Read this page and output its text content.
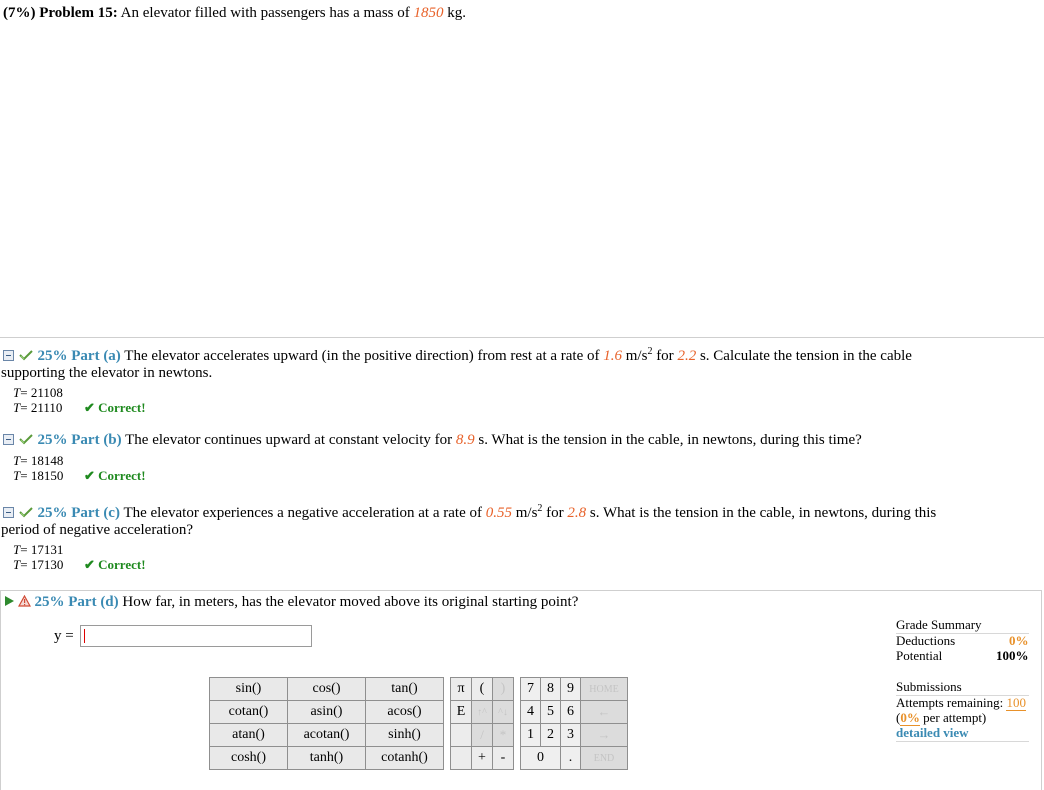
(7%) Problem 15: An elevator filled with passengers has a mass of 1850 kg.
25% Part (a) The elevator accelerates upward (in the positive direction) from rest at a rate of 1.6 $m/s^2$ for 2.2 s. Calculate the tension in the cable
supporting the elevator in newtons.
T= 21108
T= 21110 ✔ Correct!
25% Part (b) The elevator continues upward at constant velocity for 8.9 s. What is the tension in the cable, in newtons, during this time?
T= 18148
T= 18150 ✔ Correct!
25% Part (c) The elevator experiences a negative acceleration at a rate of 0.55 $m/s^2$ for 2.8 s. What is the tension in the cable, in newtons, during this
period of negative acceleration?
T= 17131
T= 17130 ✔ Correct!
25% Part (d) How far, in meters, has the elevator moved above its original starting point?
y =
sin()	cos()	tan()		π	(	)		7	8	9	HOME
cotan()	asin()	acos()		E	↑^	^↓		4	5	6	←
atan()	acotan()	sinh()			/	*		1	2	3	→
cosh()	tanh()	cotanh()			+	-		0		.	END
Grade Summary
Deductions	0%
Potential	100%
Submissions
Attempts remaining: 100
(0% per attempt)
detailed view
